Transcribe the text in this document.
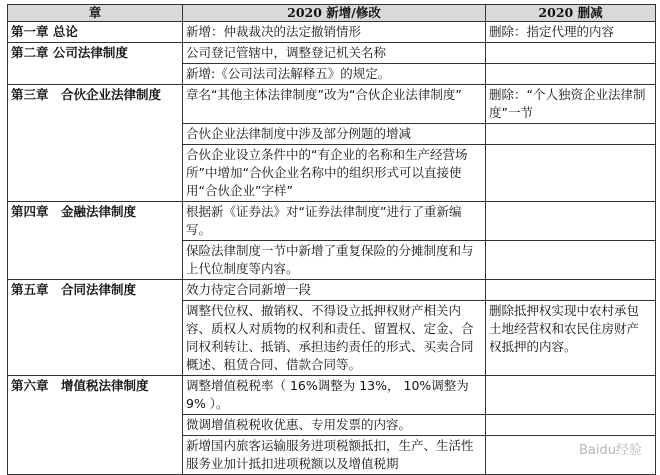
章	2020 新增/修改	2020 删减
第一章 总论	新增：仲裁裁决的法定撤销情形	删除：指定代理的内容
第二章 公司法律制度	公司登记管辖中，调整登记机关名称	
	新增:《公司法司法解释五》的规定。	
第三章　合伙企业法律制度	章名“其他主体法律制度”改为“合伙企业法律制度”	删除：“个人独资企业法律制度”一节
	合伙企业法律制度中涉及部分例题的增减	
	合伙企业设立条件中的“有企业的名称和生产经营场所”中增加“合伙企业名称中的组织形式可以直接使用“合伙企业”字样”	
第四章　金融法律制度	根据新《证券法》对“证券法律制度”进行了重新编写。	
	保险法律制度一节中新增了重复保险的分摊制度和与上代位制度等内容。	
第五章　合同法律制度	效力待定合同新增一段	
	调整代位权、撤销权、不得设立抵押权财产相关内容、质权人对质物的权利和责任、留置权、定金、合同权利转让、抵销、承担违约责任的形式、买卖合同概述、租赁合同、借款合同等。	删除抵押权实现中农村承包土地经营权和农民住房财产权抵押的内容。
第六章　增值税法律制度	调整增值税税率（ 16%调整为 13%， 10%调整为 9% ）。	
	微调增值税税收优惠、专用发票的内容。	
	新增国内旅客运输服务进项税额抵扣，生产、生活性服务业加计抵扣进项税额以及增值税期	
Baidu经验
